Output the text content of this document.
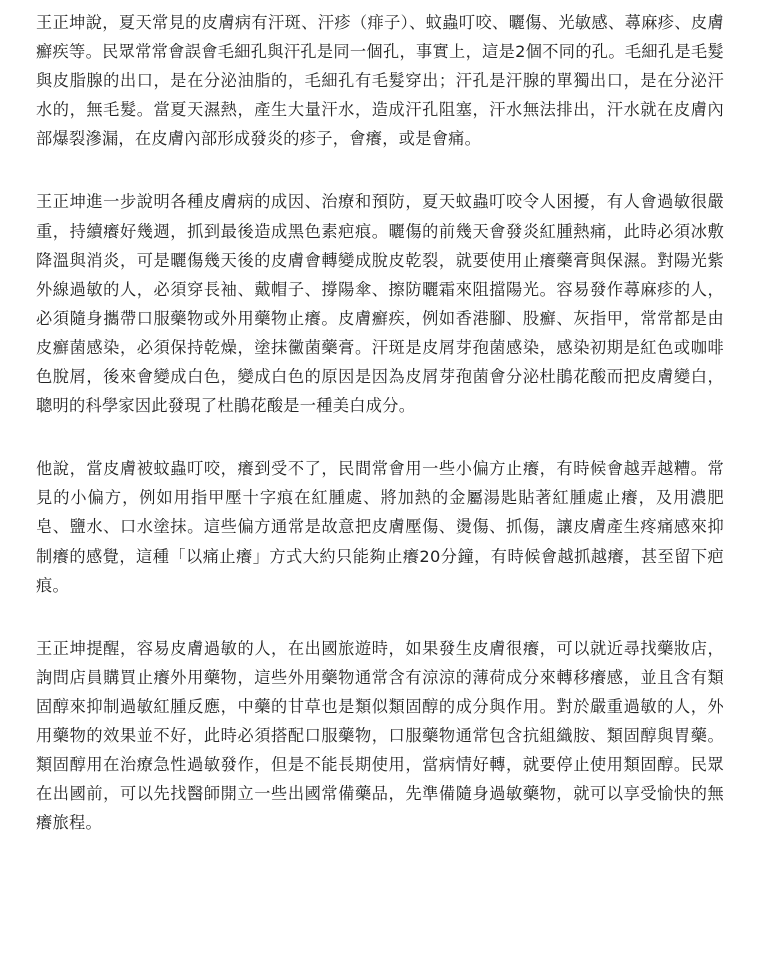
王正坤說，夏天常見的皮膚病有汗斑、汗疹（痱子）、蚊蟲叮咬、曬傷、光敏感、蕁麻疹、皮膚癬疾等。民眾常常會誤會毛細孔與汗孔是同一個孔，事實上，這是2個不同的孔。毛細孔是毛髮與皮脂腺的出口，是在分泌油脂的，毛細孔有毛髮穿出；汗孔是汗腺的單獨出口，是在分泌汗水的，無毛髮。當夏天濕熱，產生大量汗水，造成汗孔阻塞，汗水無法排出，汗水就在皮膚內部爆裂滲漏，在皮膚內部形成發炎的疹子，會癢，或是會痛。

王正坤進一步說明各種皮膚病的成因、治療和預防，夏天蚊蟲叮咬令人困擾，有人會過敏很嚴重，持續癢好幾週，抓到最後造成黑色素疤痕。曬傷的前幾天會發炎紅腫熱痛，此時必須冰敷降溫與消炎，可是曬傷幾天後的皮膚會轉變成脫皮乾裂，就要使用止癢藥膏與保濕。對陽光紫外線過敏的人，必須穿長袖、戴帽子、撐陽傘、擦防曬霜來阻擋陽光。容易發作蕁麻疹的人，必須隨身攜帶口服藥物或外用藥物止癢。皮膚癬疾，例如香港腳、股癬、灰指甲，常常都是由皮癬菌感染，必須保持乾燥，塗抹黴菌藥膏。汗斑是皮屑芽孢菌感染，感染初期是紅色或咖啡色脫屑，後來會變成白色，變成白色的原因是因為皮屑芽孢菌會分泌杜鵑花酸而把皮膚變白，聰明的科學家因此發現了杜鵑花酸是一種美白成分。

他說，當皮膚被蚊蟲叮咬，癢到受不了，民間常會用一些小偏方止癢，有時候會越弄越糟。常見的小偏方，例如用指甲壓十字痕在紅腫處、將加熱的金屬湯匙貼著紅腫處止癢，及用濃肥皂、鹽水、口水塗抹。這些偏方通常是故意把皮膚壓傷、燙傷、抓傷，讓皮膚產生疼痛感來抑制癢的感覺，這種「以痛止癢」方式大約只能夠止癢20分鐘，有時候會越抓越癢，甚至留下疤痕。

王正坤提醒，容易皮膚過敏的人，在出國旅遊時，如果發生皮膚很癢，可以就近尋找藥妝店，詢問店員購買止癢外用藥物，這些外用藥物通常含有涼涼的薄荷成分來轉移癢感，並且含有類固醇來抑制過敏紅腫反應，中藥的甘草也是類似類固醇的成分與作用。對於嚴重過敏的人，外用藥物的效果並不好，此時必須搭配口服藥物，口服藥物通常包含抗組織胺、類固醇與胃藥。類固醇用在治療急性過敏發作，但是不能長期使用，當病情好轉，就要停止使用類固醇。民眾在出國前，可以先找醫師開立一些出國常備藥品，先準備隨身過敏藥物，就可以享受愉快的無癢旅程。
